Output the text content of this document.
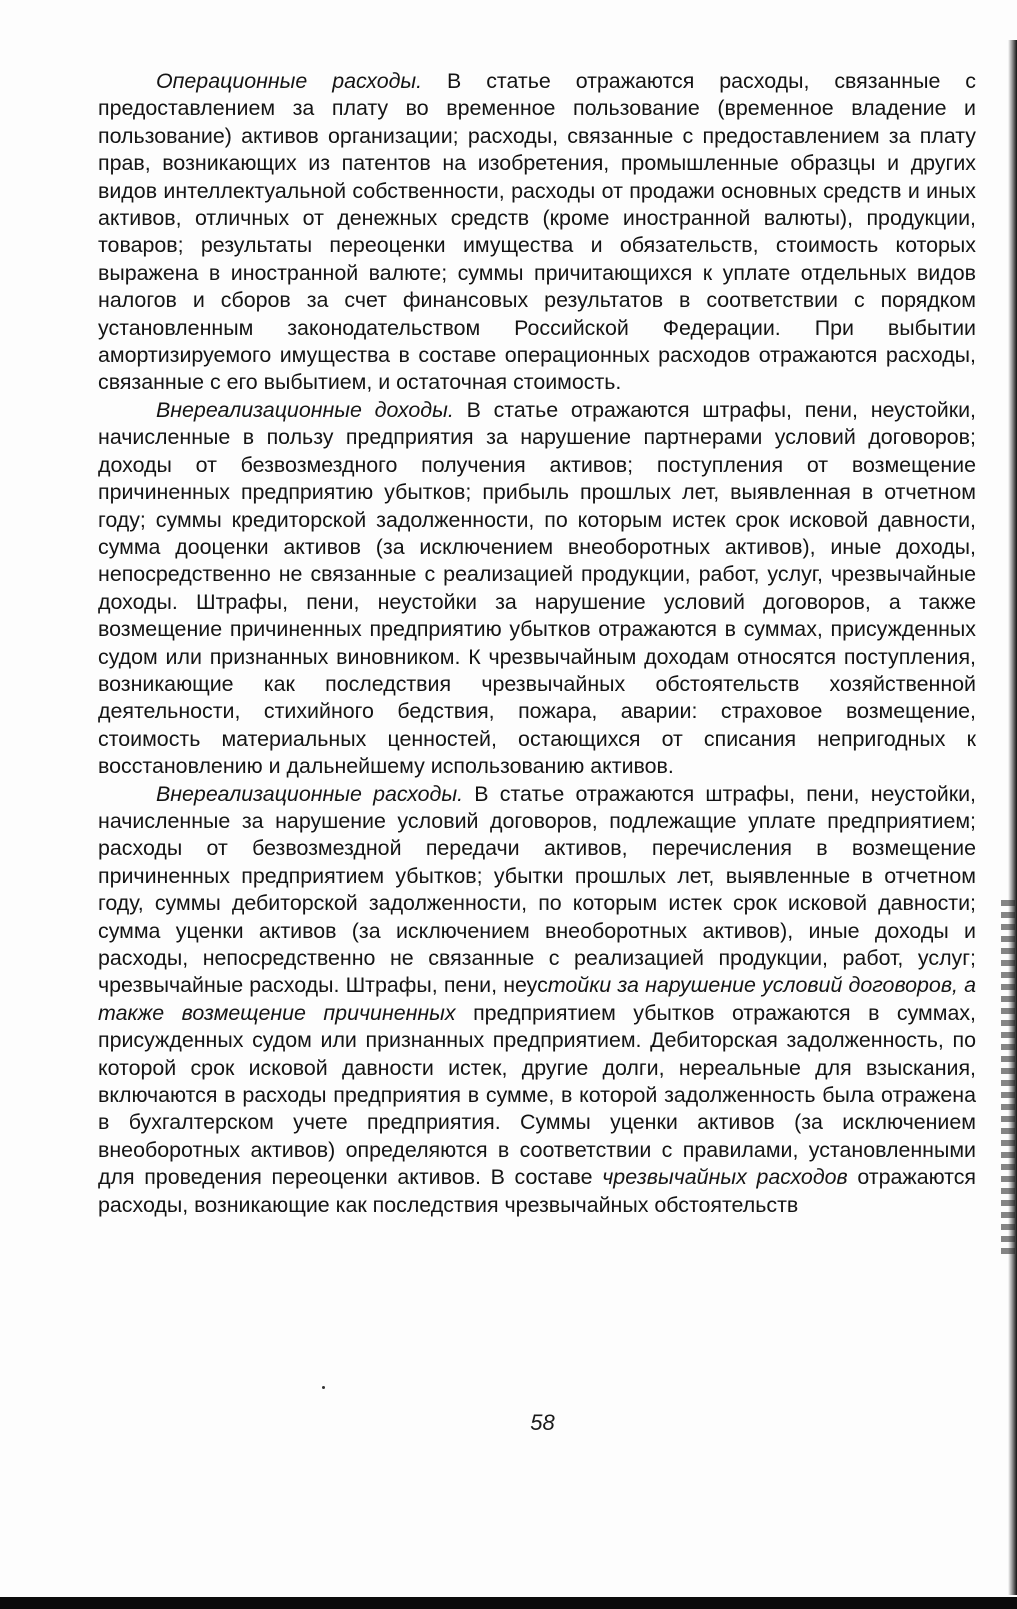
Операционные расходы. В статье отражаются расходы, связанные с предоставлением за плату во временное пользование (временное владение и пользование) активов организации; расходы, связанные с предоставлением за плату прав, возникающих из патентов на изобретения, промышленные образцы и других видов интеллектуальной собственности, расходы от продажи основных средств и иных активов, отличных от денежных средств (кроме иностранной валюты), продукции, товаров; результаты переоценки имущества и обязательств, стоимость которых выражена в иностранной валюте; суммы причитающихся к уплате отдельных видов налогов и сборов за счет финансовых результатов в соответствии с порядком установленным законодательством Российской Федерации. При выбытии амортизируемого имущества в составе операционных расходов отражаются расходы, связанные с его выбытием, и остаточная стоимость.

Внереализационные доходы. В статье отражаются штрафы, пени, неустойки, начисленные в пользу предприятия за нарушение партнерами условий договоров; доходы от безвозмездного получения активов; поступления от возмещение причиненных предприятию убытков; прибыль прошлых лет, выявленная в отчетном году; суммы кредиторской задолженности, по которым истек срок исковой давности, сумма дооценки активов (за исключением внеоборотных активов), иные доходы, непосредственно не связанные с реализацией продукции, работ, услуг, чрезвычайные доходы. Штрафы, пени, неустойки за нарушение условий договоров, а также возмещение причиненных предприятию убытков отражаются в суммах, присужденных судом или признанных виновником. К чрезвычайным доходам относятся поступления, возникающие как последствия чрезвычайных обстоятельств хозяйственной деятельности, стихийного бедствия, пожара, аварии: страховое возмещение, стоимость материальных ценностей, остающихся от списания непригодных к восстановлению и дальнейшему использованию активов.

Внереализационные расходы. В статье отражаются штрафы, пени, неустойки, начисленные за нарушение условий договоров, подлежащие уплате предприятием; расходы от безвозмездной передачи активов, перечисления в возмещение причиненных предприятием убытков; убытки прошлых лет, выявленные в отчетном году, суммы дебиторской задолженности, по которым истек срок исковой давности; сумма уценки активов (за исключением внеоборотных активов), иные доходы и расходы, непосредственно не связанные с реализацией продукции, работ, услуг; чрезвычайные расходы. Штрафы, пени, неустойки за нарушение условий договоров, а также возмещение причиненных предприятием убытков отражаются в суммах, присужденных судом или признанных предприятием. Дебиторская задолженность, по которой срок исковой давности истек, другие долги, нереальные для взыскания, включаются в расходы предприятия в сумме, в которой задолженность была отражена в бухгалтерском учете предприятия. Суммы уценки активов (за исключением внеоборотных активов) определяются в соответствии с правилами, установленными для проведения переоценки активов. В составе чрезвычайных расходов отражаются расходы, возникающие как последствия чрезвычайных обстоятельств

58
